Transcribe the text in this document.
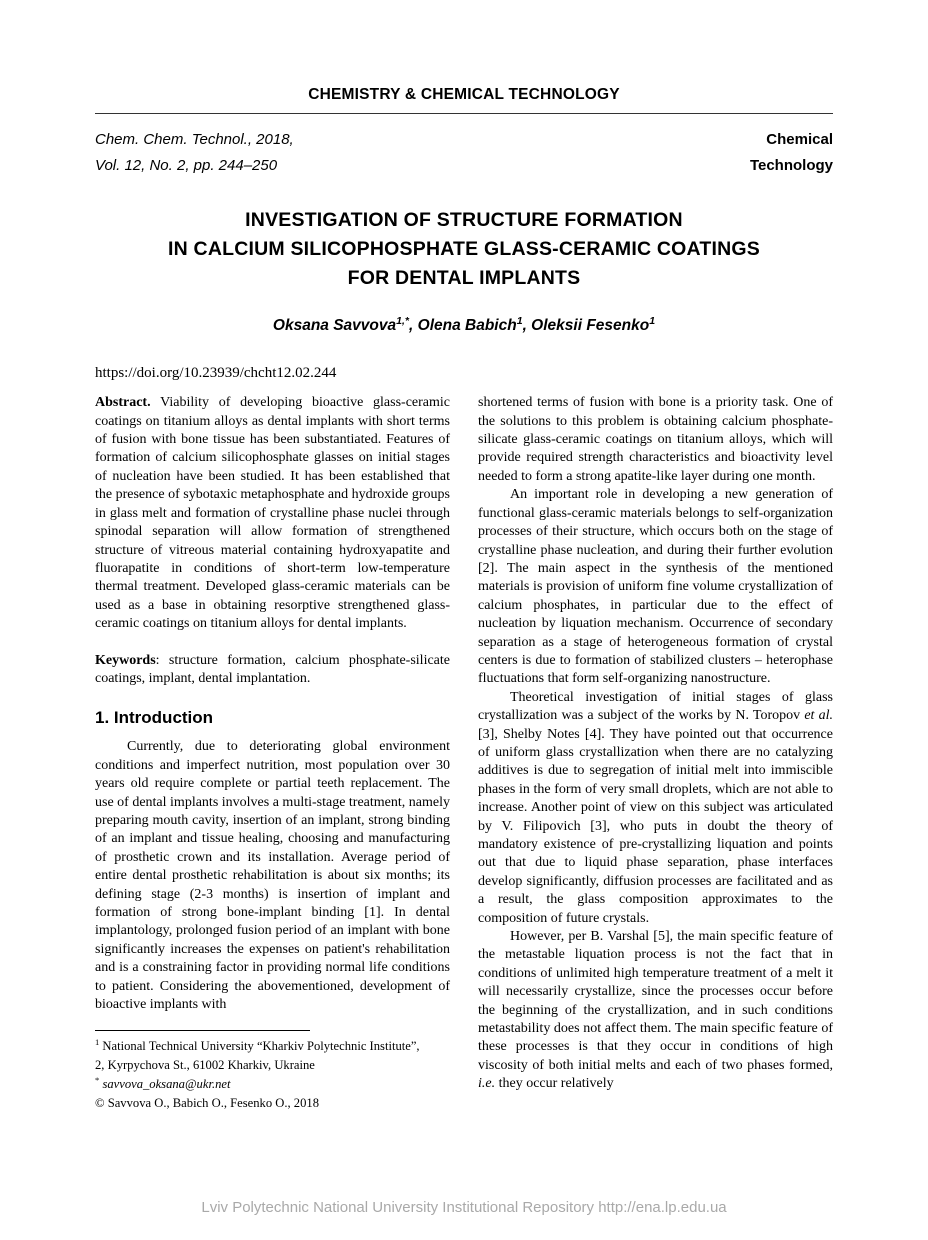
CHEMISTRY & CHEMICAL TECHNOLOGY
Chem. Chem. Technol., 2018,
Vol. 12, No. 2, pp. 244–250
Chemical
Technology
INVESTIGATION OF STRUCTURE FORMATION
IN CALCIUM SILICOPHOSPHATE GLASS-CERAMIC COATINGS
FOR DENTAL IMPLANTS
Oksana Savvova$^{1,*}$, Olena Babich$^1$, Oleksii Fesenko$^1$
https://doi.org/10.23939/chcht12.02.244

Abstract. Viability of developing bioactive glass-ceramic coatings on titanium alloys as dental implants with short terms of fusion with bone tissue has been substantiated. Features of formation of calcium silicophosphate glasses on initial stages of nucleation have been studied. It has been established that the presence of sybotaxic metaphosphate and hydroxide groups in glass melt and formation of crystalline phase nuclei through spinodal separation will allow formation of strengthened structure of vitreous material containing hydroxyapatite and fluorapatite in conditions of short-term low-temperature thermal treatment. Developed glass-ceramic materials can be used as a base in obtaining resorptive strengthened glass-ceramic coatings on titanium alloys for dental implants.

Keywords: structure formation, calcium phosphate-silicate coatings, implant, dental implantation.

1. Introduction

Currently, due to deteriorating global environment conditions and imperfect nutrition, most population over 30 years old require complete or partial teeth replacement. The use of dental implants involves a multi-stage treatment, namely preparing mouth cavity, insertion of an implant, strong binding of an implant and tissue healing, choosing and manufacturing of prosthetic crown and its installation. Average period of entire dental prosthetic rehabilitation is about six months; its defining stage (2-3 months) is insertion of implant and formation of strong bone-implant binding [1]. In dental implantology, prolonged fusion period of an implant with bone significantly increases the expenses on patient's rehabilitation and is a constraining factor in providing normal life conditions to patient. Considering the abovementioned, development of bioactive implants with

$^1$ National Technical University “Kharkiv Polytechnic Institute”,

2, Kyrpychova St., 61002 Kharkiv, Ukraine

* savvova_oksana@ukr.net

© Savvova O., Babich O., Fesenko O., 2018

shortened terms of fusion with bone is a priority task. One of the solutions to this problem is obtaining calcium phosphate-silicate glass-ceramic coatings on titanium alloys, which will provide required strength characteristics and bioactivity level needed to form a strong apatite-like layer during one month.

An important role in developing a new generation of functional glass-ceramic materials belongs to self-organization processes of their structure, which occurs both on the stage of crystalline phase nucleation, and during their further evolution [2]. The main aspect in the synthesis of the mentioned materials is provision of uniform fine volume crystallization of calcium phosphates, in particular due to the effect of nucleation by liquation mechanism. Occurrence of secondary separation as a stage of heterogeneous formation of crystal centers is due to formation of stabilized clusters – heterophase fluctuations that form self-organizing nanostructure.

Theoretical investigation of initial stages of glass crystallization was a subject of the works by N. Toropov et al. [3], Shelby Notes [4]. They have pointed out that occurrence of uniform glass crystallization when there are no catalyzing additives is due to segregation of initial melt into immiscible phases in the form of very small droplets, which are not able to increase. Another point of view on this subject was articulated by V. Filipovich [3], who puts in doubt the theory of mandatory existence of pre-crystallizing liquation and points out that due to liquid phase separation, phase interfaces develop significantly, diffusion processes are facilitated and as a result, the glass composition approximates to the composition of future crystals.

However, per B. Varshal [5], the main specific feature of the metastable liquation process is not the fact that in conditions of unlimited high temperature treatment of a melt it will necessarily crystallize, since the processes occur before the beginning of the crystallization, and in such conditions metastability does not affect them. The main specific feature of these processes is that they occur in conditions of high viscosity of both initial melts and each of two phases formed, i.e. they occur relatively

Lviv Polytechnic National University Institutional Repository http://ena.lp.edu.ua
